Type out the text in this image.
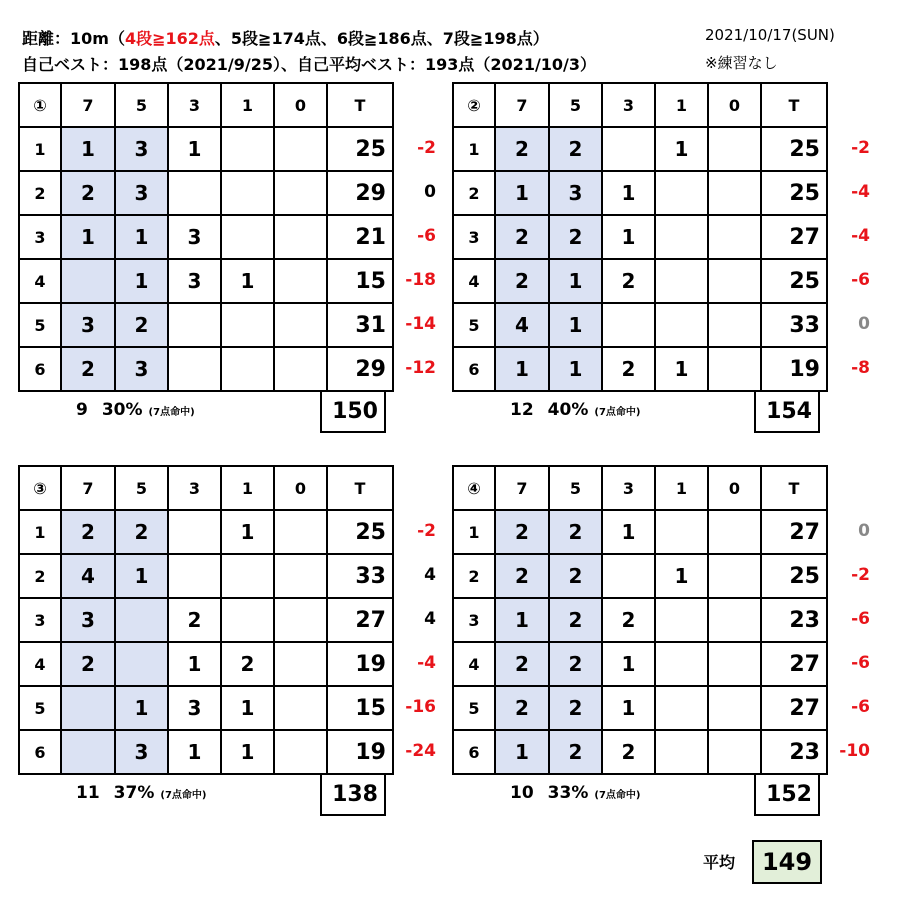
距離：10m（4段≧162点、5段≧174点、6段≧186点、7段≧198点）
自己ベスト：198点（2021/9/25）、自己平均ベスト：193点（2021/10/3）
2021/10/17(SUN)
※練習なし
-2
0
-6
-18
-14
-12
①	7	5	3	1	0	T
1	1	3	1			25
2	2	3				29
3	1	1	3			21
4		1	3	1		15
5	3	2				31
6	2	3				29
9 30% (7点命中)	150
-2
-4
-4
-6
0
-8
②	7	5	3	1	0	T
1	2	2		1		25
2	1	3	1			25
3	2	2	1			27
4	2	1	2			25
5	4	1				33
6	1	1	2	1		19
12 40% (7点命中)	154
-2
4
4
-4
-16
-24
③	7	5	3	1	0	T
1	2	2		1		25
2	4	1				33
3	3		2			27
4	2		1	2		19
5		1	3	1		15
6		3	1	1		19
11 37% (7点命中)	138
0
-2
-6
-6
-6
-10
④	7	5	3	1	0	T
1	2	2	1			27
2	2	2		1		25
3	1	2	2			23
4	2	2	1			27
5	2	2	1			27
6	1	2	2			23
10 33% (7点命中)	152
平均	149
